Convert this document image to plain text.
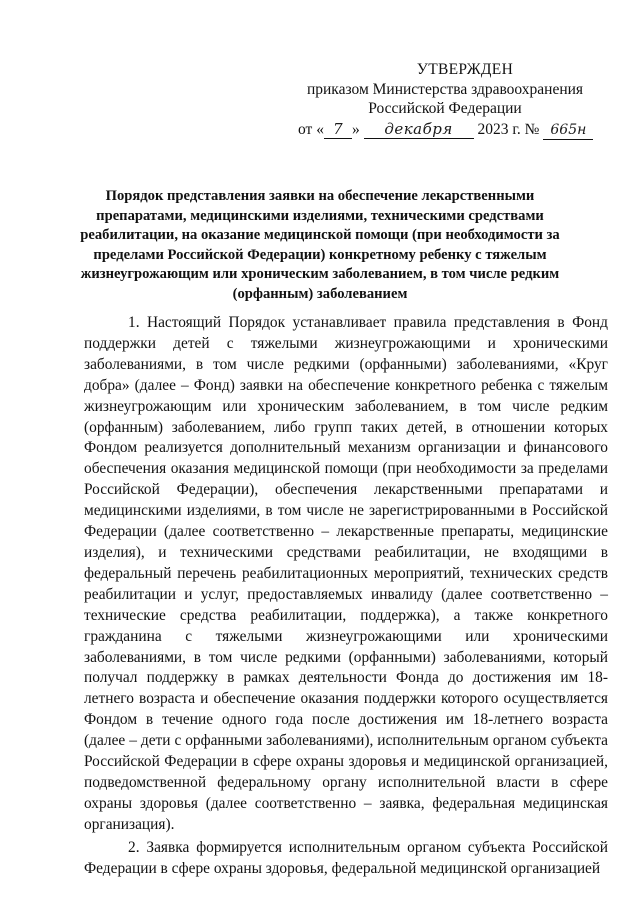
УТВЕРЖДЕН
приказом Министерства здравоохранения
Российской Федерации
от « 7 » декабря 2023 г. № 665н
Порядок представления заявки на обеспечение лекарственными препаратами, медицинскими изделиями, техническими средствами реабилитации, на оказание медицинской помощи (при необходимости за пределами Российской Федерации) конкретному ребенку с тяжелым жизнеугрожающим или хроническим заболеванием, в том числе редким (орфанным) заболеванием

1. Настоящий Порядок устанавливает правила представления в Фонд поддержки детей с тяжелыми жизнеугрожающими и хроническими заболеваниями, в том числе редкими (орфанными) заболеваниями, «Круг добра» (далее – Фонд) заявки на обеспечение конкретного ребенка с тяжелым жизнеугрожающим или хроническим заболеванием, в том числе редким (орфанным) заболеванием, либо групп таких детей, в отношении которых Фондом реализуется дополнительный механизм организации и финансового обеспечения оказания медицинской помощи (при необходимости за пределами Российской Федерации), обеспечения лекарственными препаратами и медицинскими изделиями, в том числе не зарегистрированными в Российской Федерации (далее соответственно – лекарственные препараты, медицинские изделия), и техническими средствами реабилитации, не входящими в федеральный перечень реабилитационных мероприятий, технических средств реабилитации и услуг, предоставляемых инвалиду (далее соответственно – технические средства реабилитации, поддержка), а также конкретного гражданина с тяжелыми жизнеугрожающими или хроническими заболеваниями, в том числе редкими (орфанными) заболеваниями, который получал поддержку в рамках деятельности Фонда до достижения им 18-летнего возраста и обеспечение оказания поддержки которого осуществляется Фондом в течение одного года после достижения им 18-летнего возраста (далее – дети с орфанными заболеваниями), исполнительным органом субъекта Российской Федерации в сфере охраны здоровья и медицинской организацией, подведомственной федеральному органу исполнительной власти в сфере охраны здоровья (далее соответственно – заявка, федеральная медицинская организация).

2. Заявка формируется исполнительным органом субъекта Российской Федерации в сфере охраны здоровья, федеральной медицинской организацией
